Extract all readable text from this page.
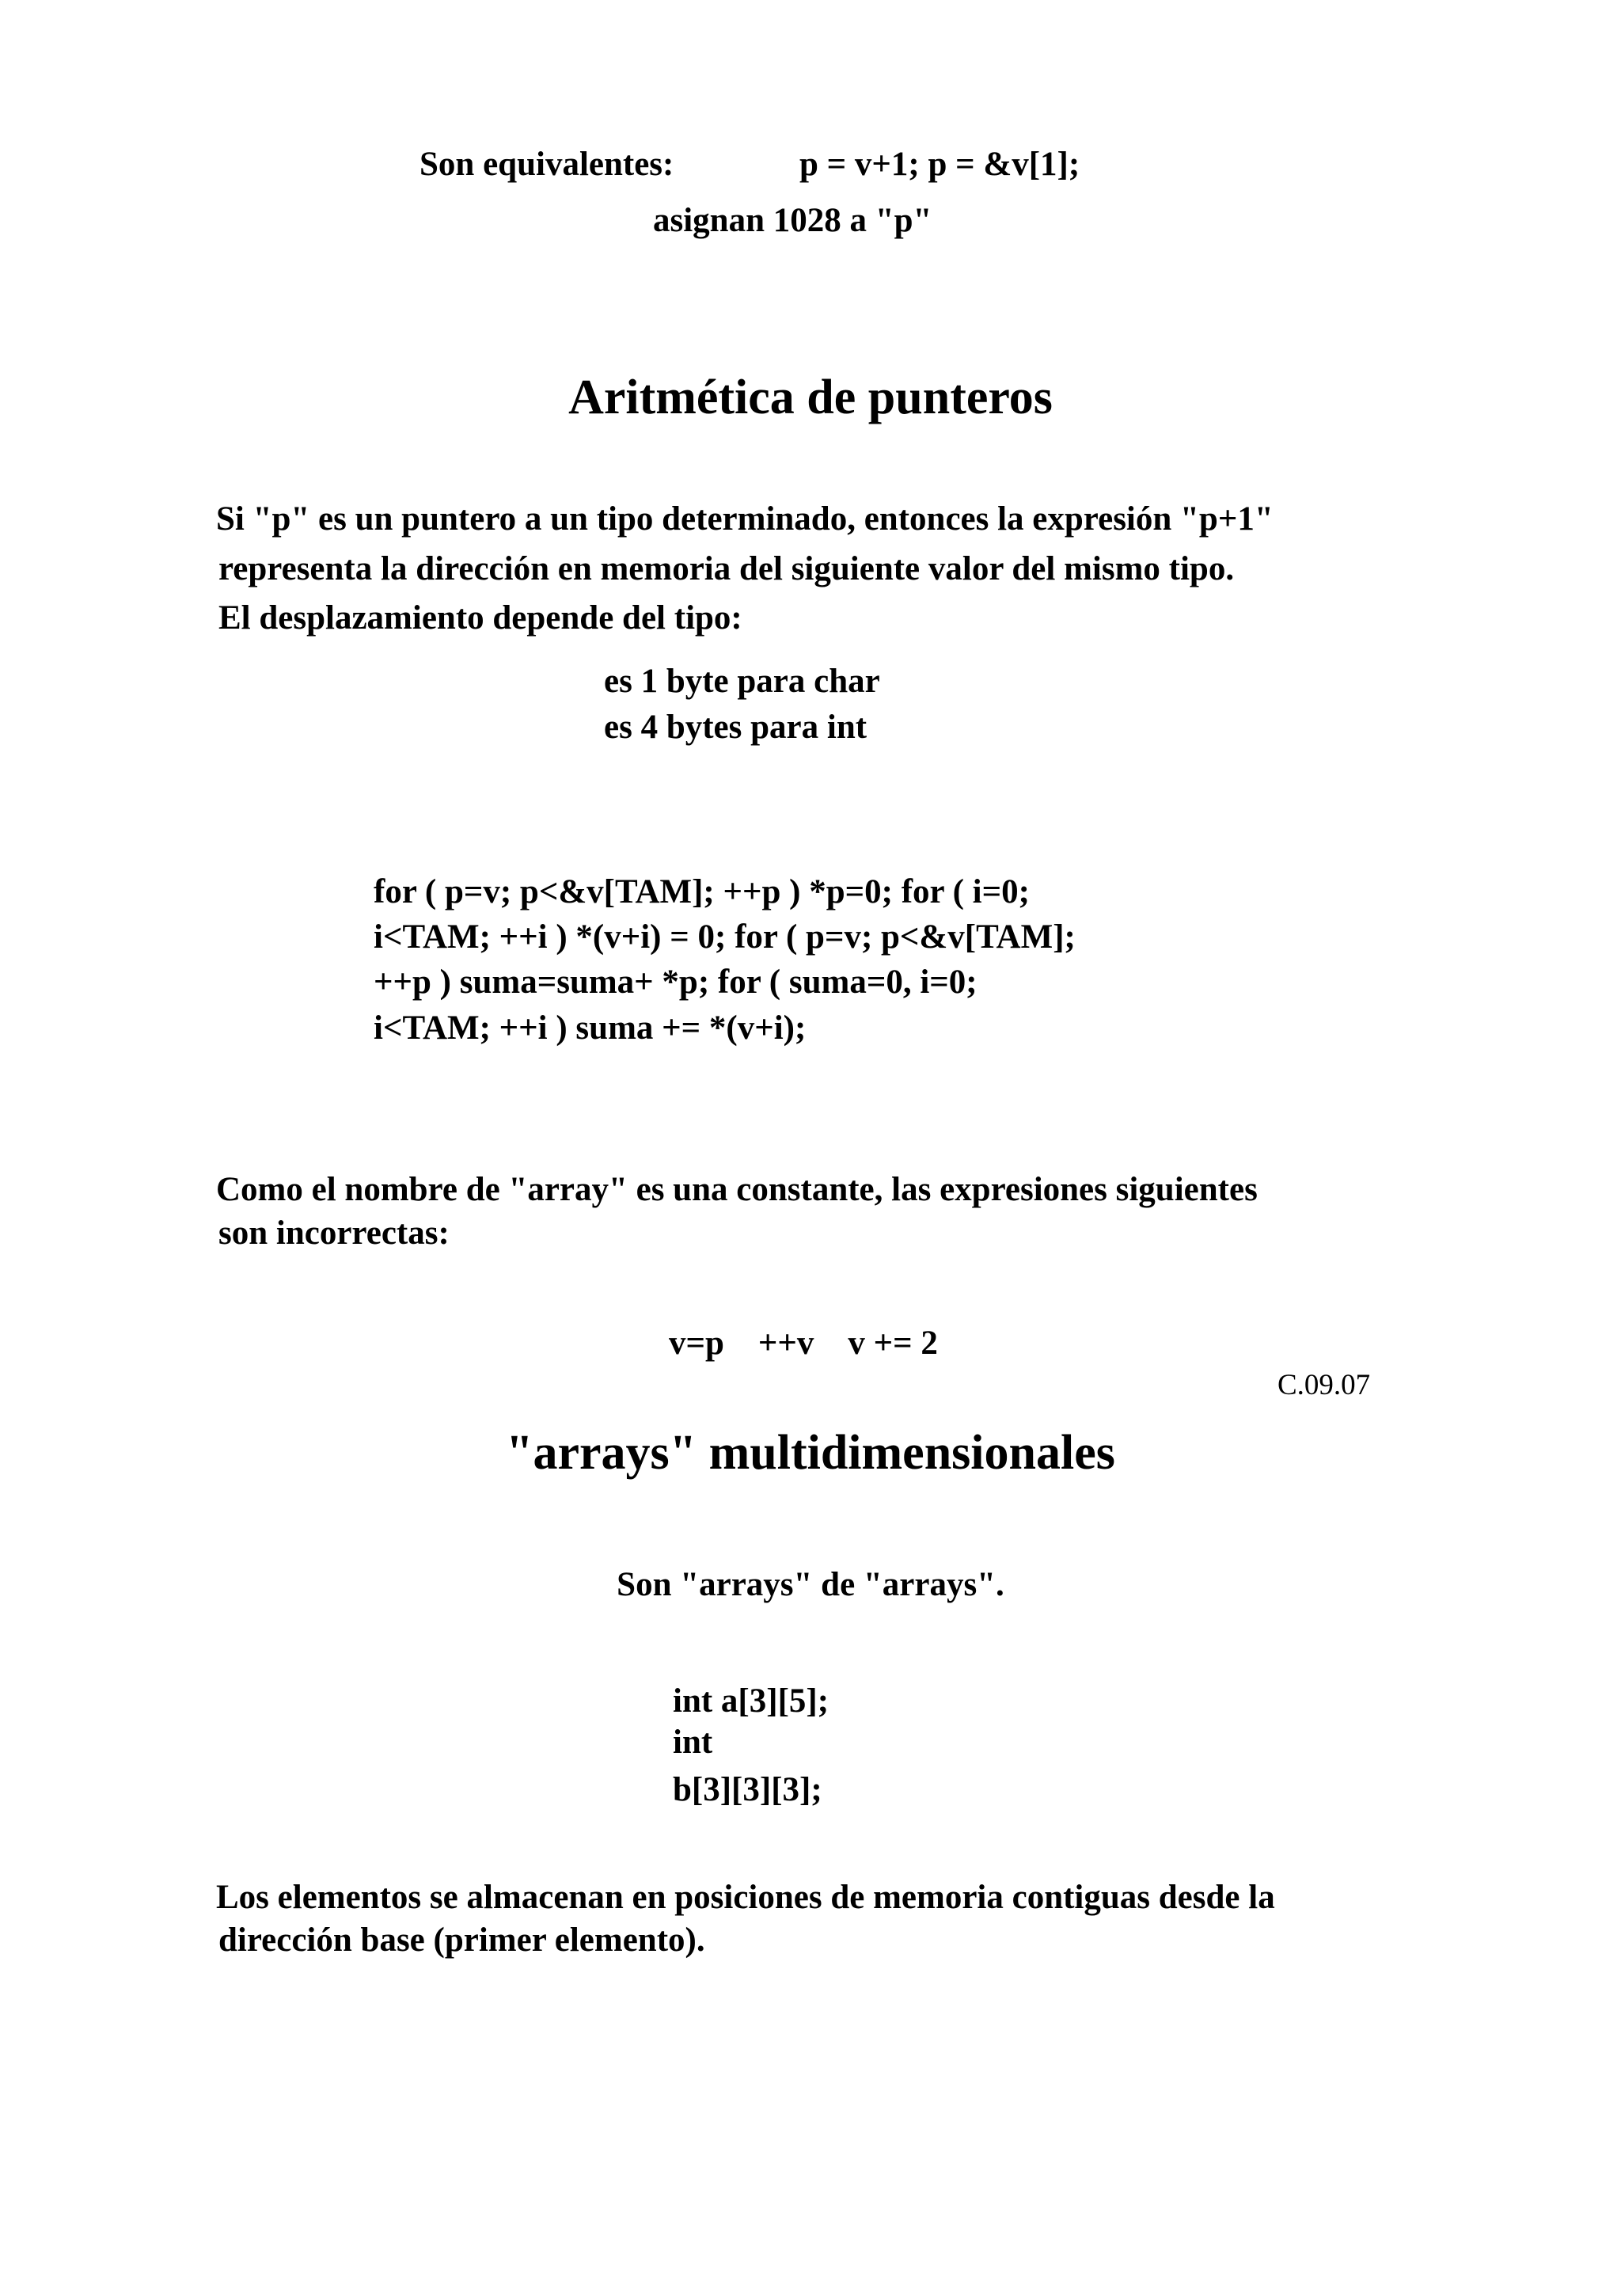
Son equivalentes:	p = v+1; p = &v[1];
asignan 1028 a "p"
Aritmética de punteros
Si "p" es un puntero a un tipo determinado, entonces la expresión "p+1"
representa la dirección en memoria del siguiente valor del mismo tipo.
El desplazamiento depende del tipo:
es 1 byte para char
es 4 bytes para int
for ( p=v; p<&v[TAM]; ++p ) *p=0; for ( i=0;
i<TAM; ++i ) *(v+i) = 0; for ( p=v; p<&v[TAM];
++p ) suma=suma+ *p; for ( suma=0, i=0;
i<TAM; ++i ) suma += *(v+i);
Como el nombre de "array" es una constante, las expresiones siguientes
son incorrectas:
v=p    ++v    v += 2
C.09.07
"arrays" multidimensionales
Son "arrays" de "arrays".
int a[3][5];
int
b[3][3][3];
Los elementos se almacenan en posiciones de memoria contiguas desde la
dirección base (primer elemento).
